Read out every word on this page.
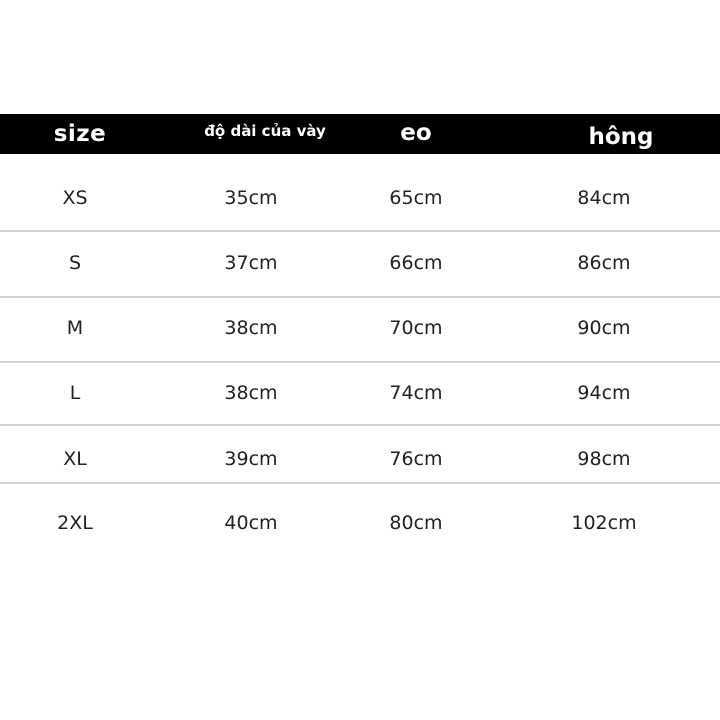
size	độ dài của vày	eo	hông
XS	35cm	65cm	84cm
S	37cm	66cm	86cm
M	38cm	70cm	90cm
L	38cm	74cm	94cm
XL	39cm	76cm	98cm
2XL	40cm	80cm	102cm
